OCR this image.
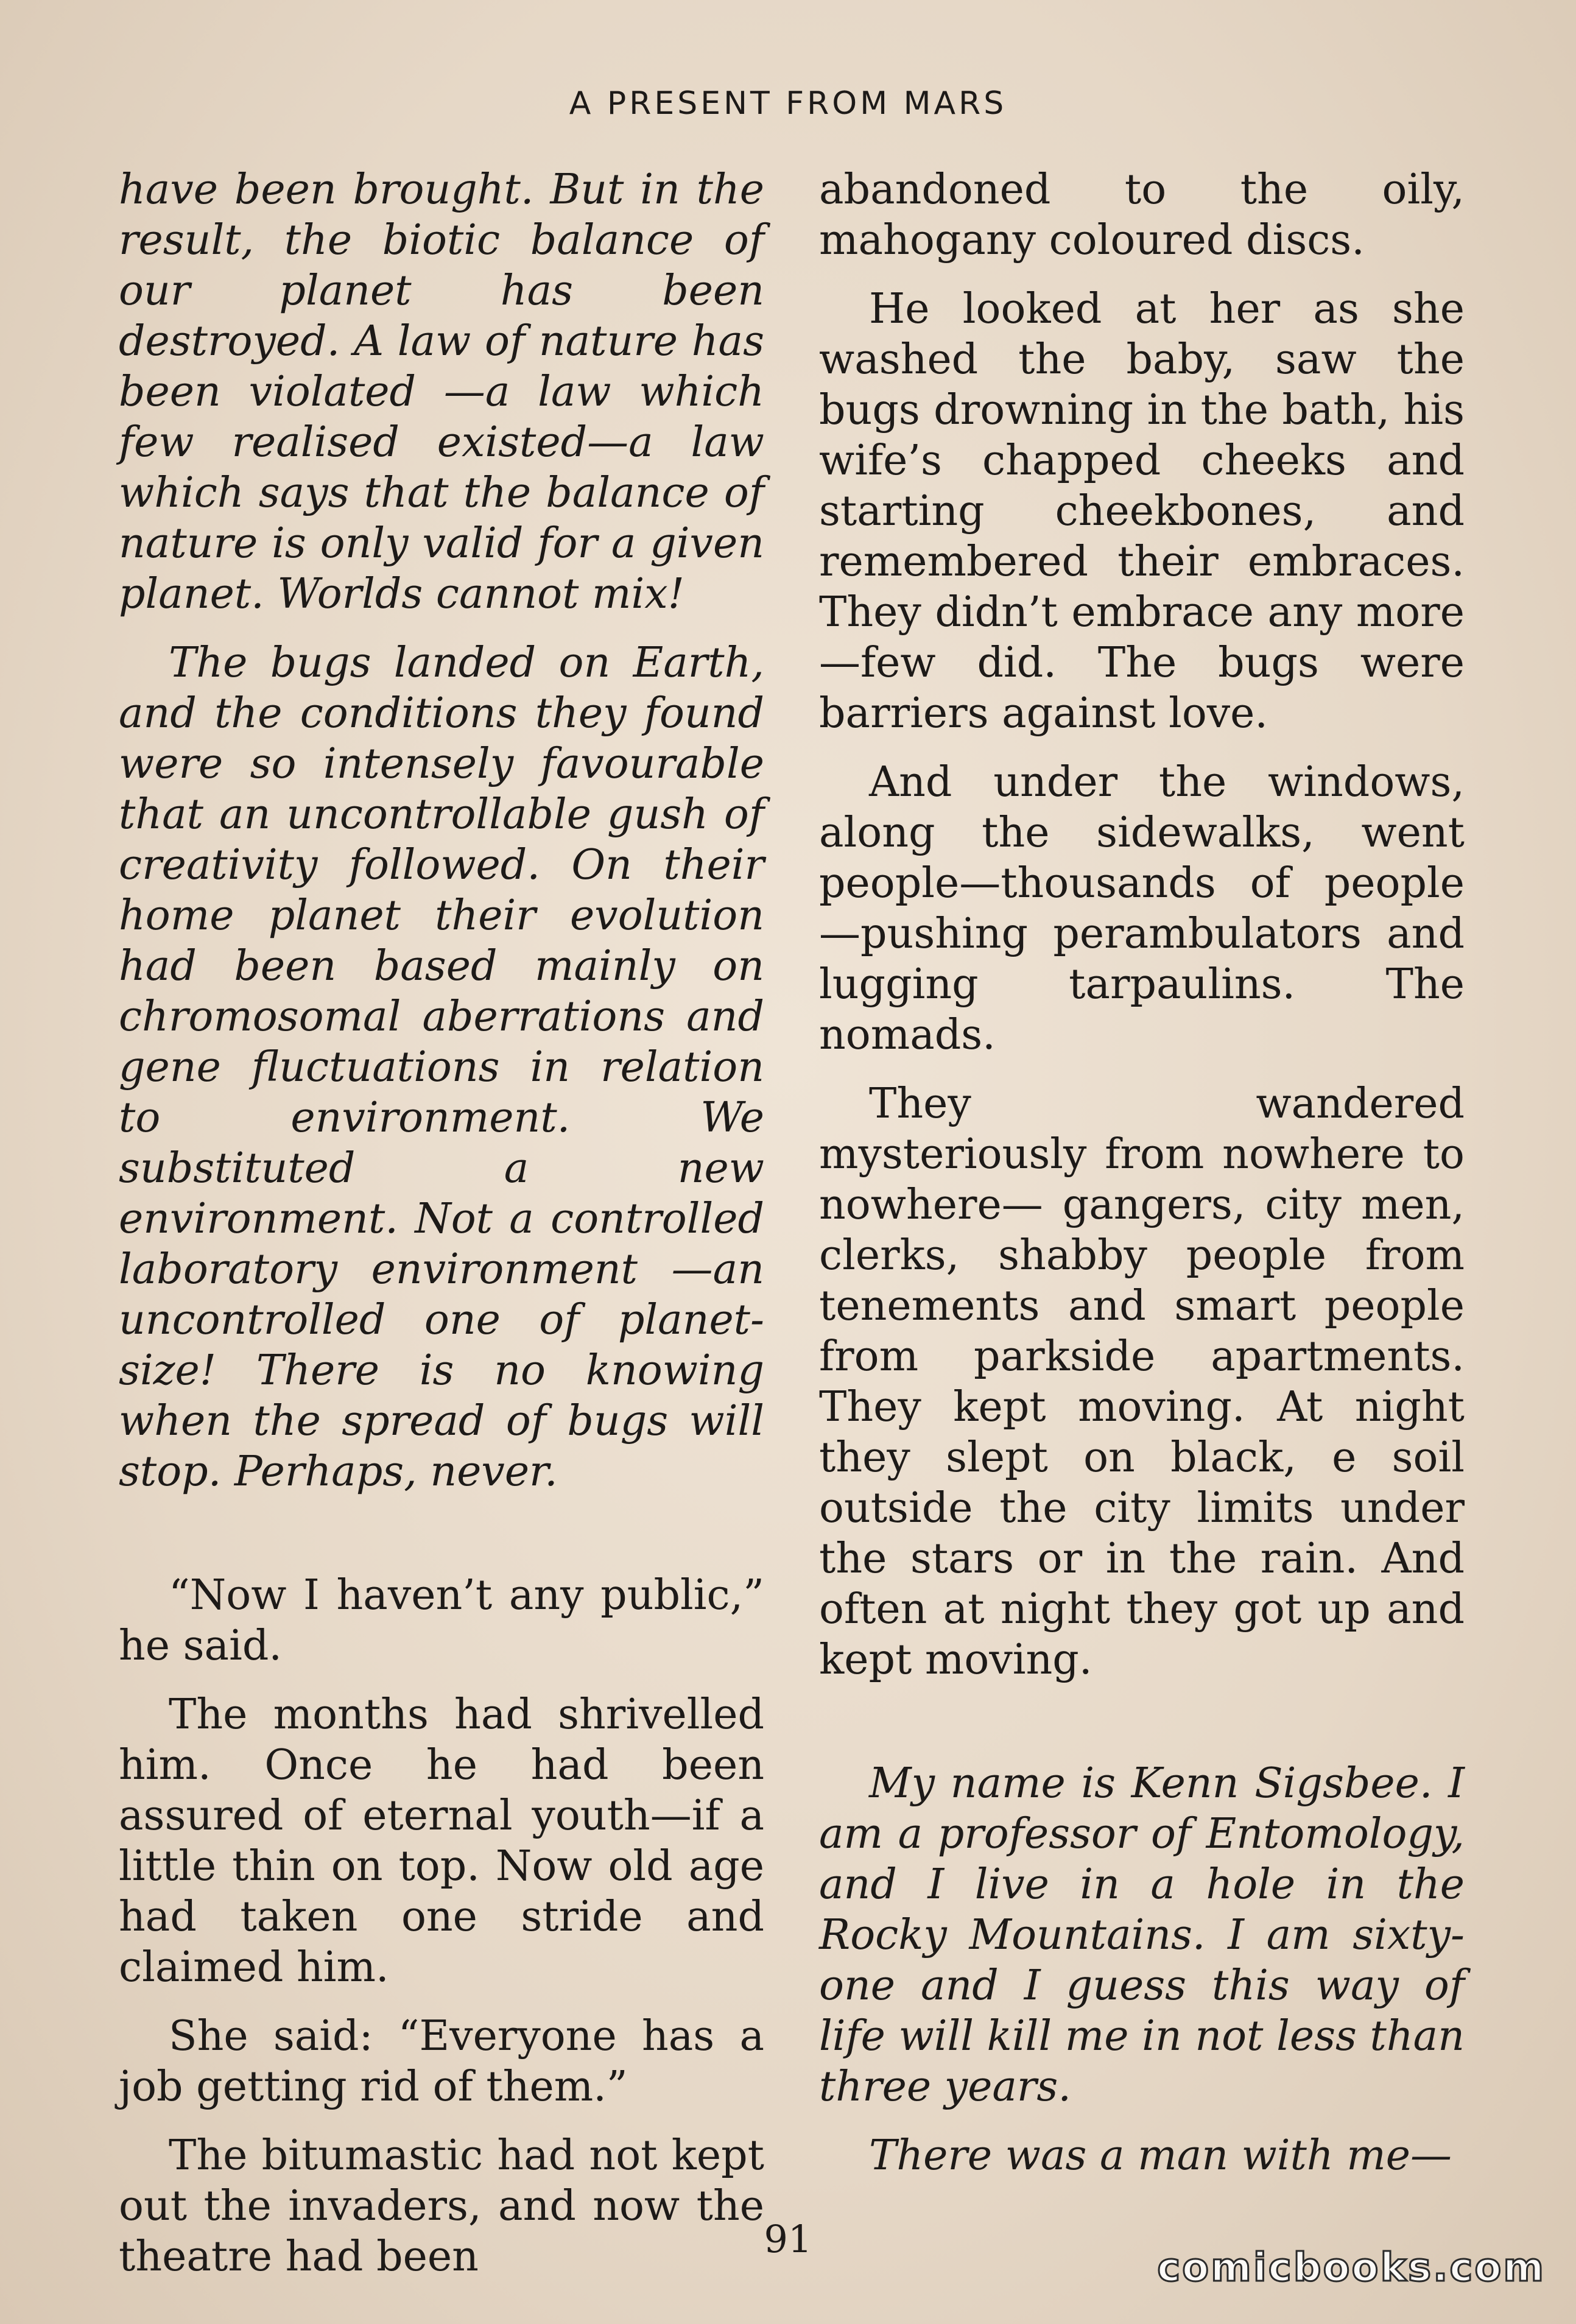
A PRESENT FROM MARS

have been brought. But in the result, the biotic balance of our planet has been destroyed. A law of nature has been violated —a law which few realised existed—a law which says that the balance of nature is only valid for a given planet. Worlds cannot mix!

The bugs landed on Earth, and the conditions they found were so intensely favourable that an uncontrollable gush of creativity followed. On their home planet their evolution had been based mainly on chromosomal aberrations and gene fluctuations in relation to environment. We substituted a new environment. Not a controlled laboratory environment —an uncontrolled one of planet-size! There is no knowing when the spread of bugs will stop. Perhaps, never.

“Now I haven’t any public,” he said.

The months had shrivelled him. Once he had been assured of eternal youth—if a little thin on top. Now old age had taken one stride and claimed him.

She said: “Everyone has a job getting rid of them.”

The bitumastic had not kept out the invaders, and now the theatre had been

abandoned to the oily, mahogany coloured discs.

He looked at her as she washed the baby, saw the bugs drowning in the bath, his wife’s chapped cheeks and starting cheekbones, and remembered their embraces. They didn’t embrace any more—few did. The bugs were barriers against love.

And under the windows, along the sidewalks, went people—thousands of people —pushing perambulators and lugging tarpaulins. The nomads.

They wandered mysteriously from nowhere to nowhere— gangers, city men, clerks, shabby people from tenements and smart people from parkside apartments. They kept moving. At night they slept on black, e soil outside the city limits under the stars or in the rain. And often at night they got up and kept moving.

My name is Kenn Sigsbee. I am a professor of Entomology, and I live in a hole in the Rocky Mountains. I am sixty-one and I guess this way of life will kill me in not less than three years.

There was a man with me—

91
comicbooks.com
